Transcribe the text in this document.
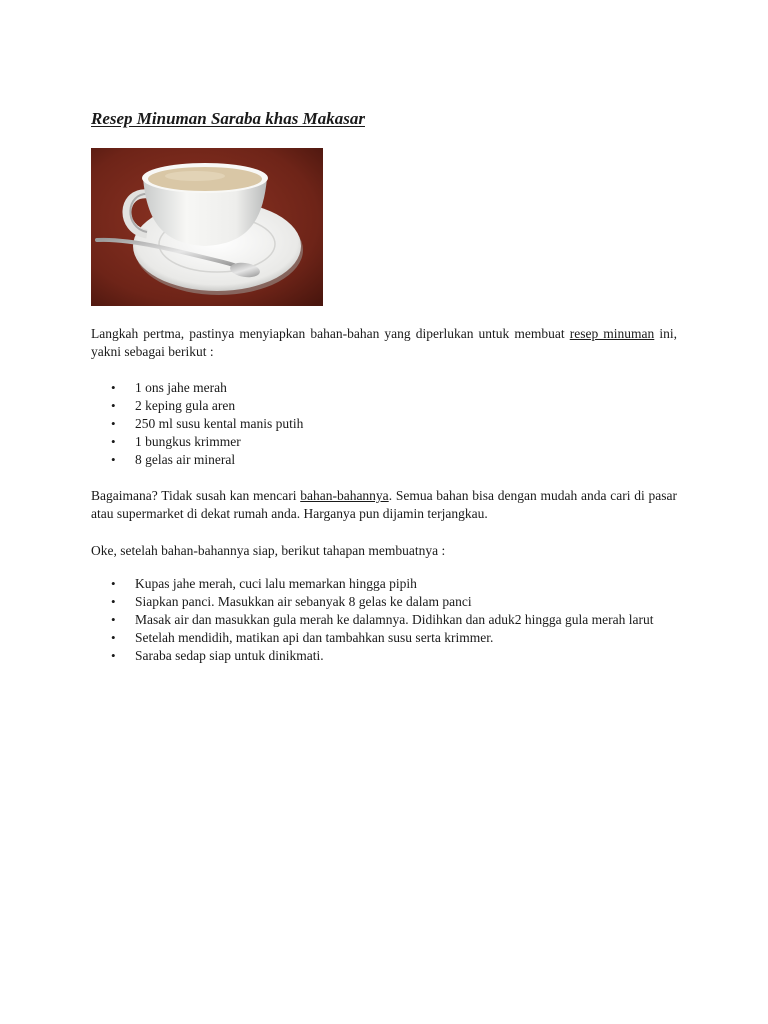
Resep Minuman Saraba khas Makasar

Langkah pertma, pastinya menyiapkan bahan-bahan yang diperlukan untuk membuat resep minuman ini, yakni sebagai berikut :

• 1 ons jahe merah
• 2 keping gula aren
• 250 ml susu kental manis putih
• 1 bungkus krimmer
• 8 gelas air mineral

Bagaimana? Tidak susah kan mencari bahan-bahannya. Semua bahan bisa dengan mudah anda cari di pasar atau supermarket di dekat rumah anda. Harganya pun dijamin terjangkau.

Oke, setelah bahan-bahannya siap, berikut tahapan membuatnya :

• Kupas jahe merah, cuci lalu memarkan hingga pipih
• Siapkan panci. Masukkan air sebanyak 8 gelas ke dalam panci
• Masak air dan masukkan gula merah ke dalamnya. Didihkan dan aduk2 hingga gula merah larut
• Setelah mendidih, matikan api dan tambahkan susu serta krimmer.
• Saraba sedap siap untuk dinikmati.
